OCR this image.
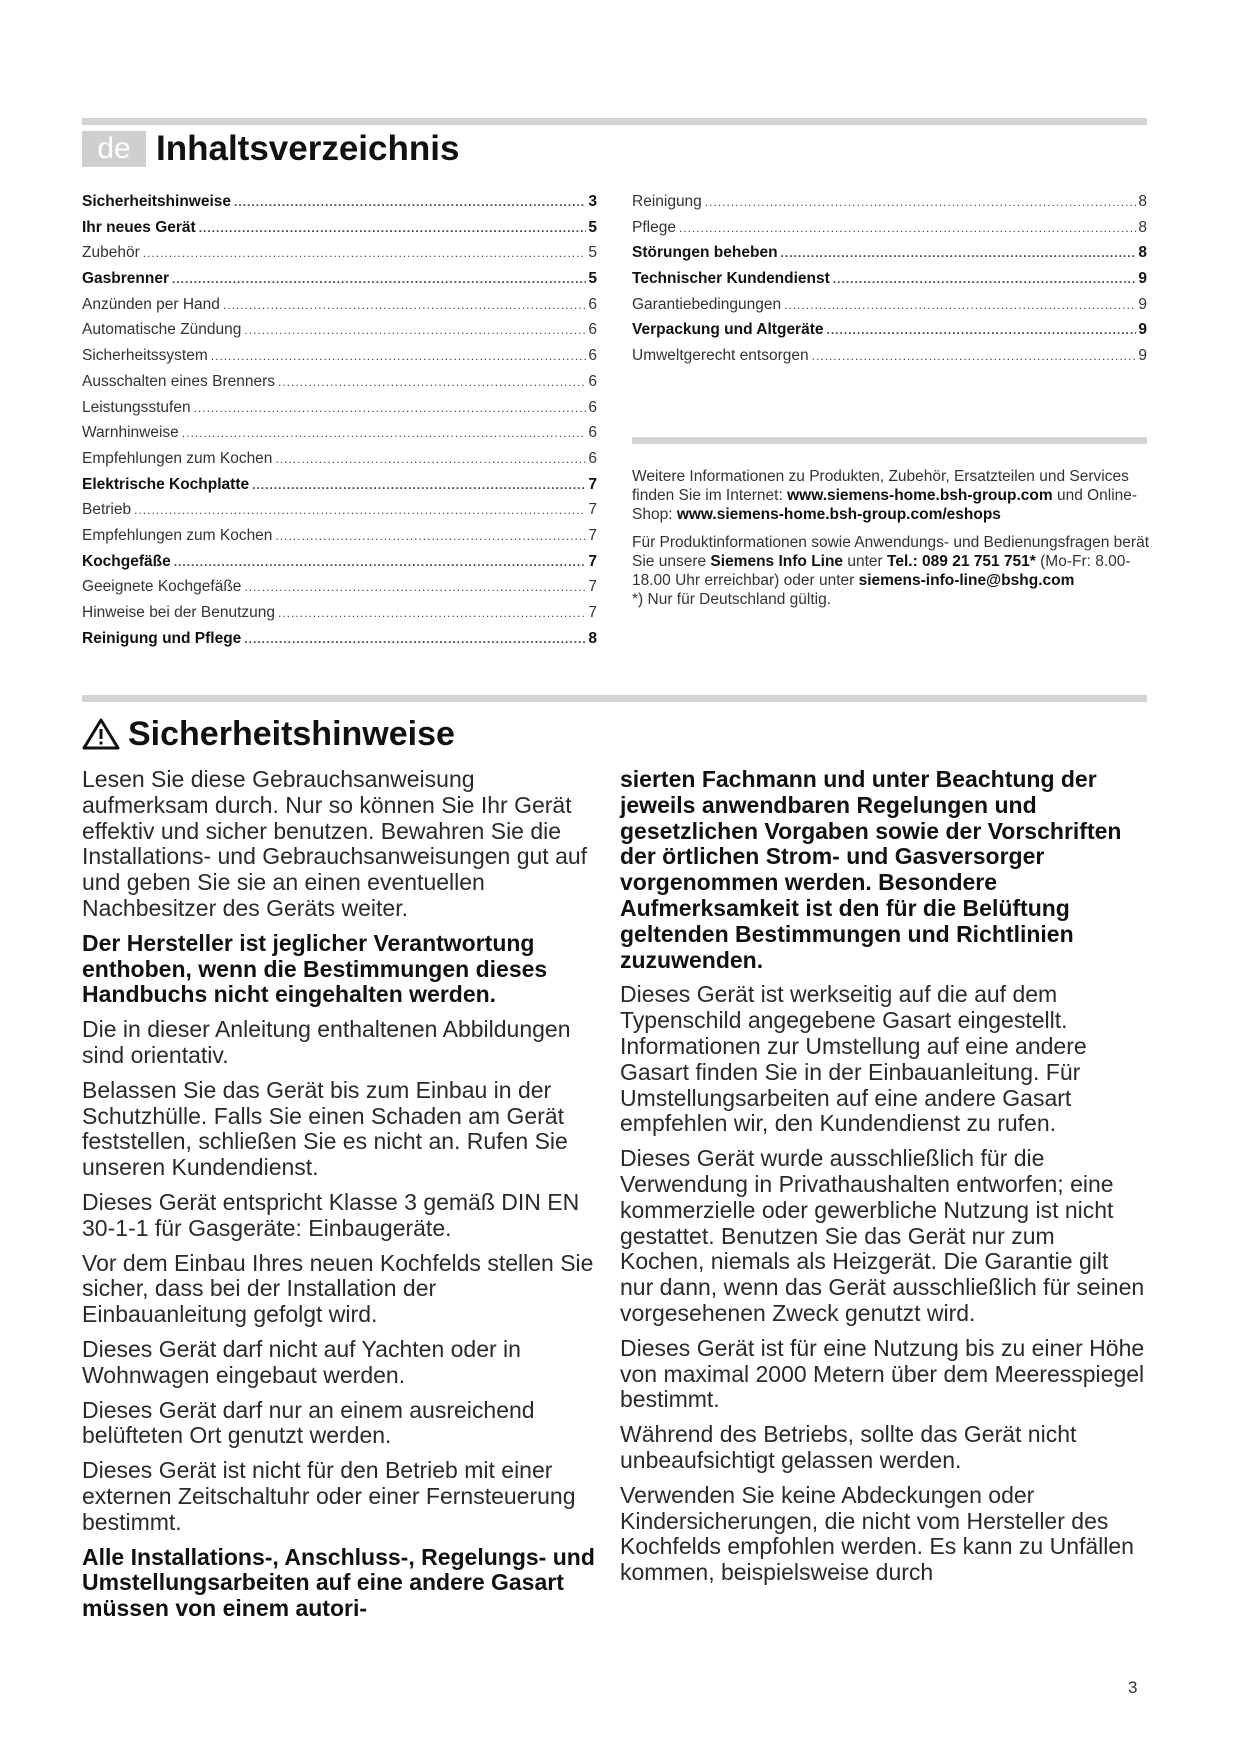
de Inhaltsverzeichnis
Sicherheitshinweise .....	3
Ihr neues Gerät .....	5
Zubehör .....	5
Gasbrenner .....	5
Anzünden per Hand .....	6
Automatische Zündung .....	6
Sicherheitssystem .....	6
Ausschalten eines Brenners .....	6
Leistungsstufen .....	6
Warnhinweise .....	6
Empfehlungen zum Kochen .....	6
Elektrische Kochplatte .....	7
Betrieb .....	7
Empfehlungen zum Kochen .....	7
Kochgefäße .....	7
Geeignete Kochgefäße .....	7
Hinweise bei der Benutzung .....	7
Reinigung und Pflege .....	8
Reinigung .....	8
Pflege .....	8
Störungen beheben .....	8
Technischer Kundendienst .....	9
Garantiebedingungen .....	9
Verpackung und Altgeräte .....	9
Umweltgerecht entsorgen .....	9

Weitere Informationen zu Produkten, Zubehör, Ersatzteilen und Services finden Sie im Internet: www.siemens-home.bsh-group.com und Online-Shop: www.siemens-home.bsh-group.com/eshops

Für Produktinformationen sowie Anwendungs- und Bedienungsfragen berät Sie unsere Siemens Info Line unter Tel.: 089 21 751 751* (Mo-Fr: 8.00-18.00 Uhr erreichbar) oder unter siemens-info-line@bshg.com

*) Nur für Deutschland gültig.

Sicherheitshinweise

Lesen Sie diese Gebrauchsanweisung aufmerksam durch. Nur so können Sie Ihr Gerät effektiv und sicher benutzen. Bewahren Sie die Installations- und Gebrauchsanweisungen gut auf und geben Sie sie an einen eventuellen Nachbesitzer des Geräts weiter.

Der Hersteller ist jeglicher Verantwortung enthoben, wenn die Bestimmungen dieses Handbuchs nicht eingehalten werden.

Die in dieser Anleitung enthaltenen Abbildungen sind orientativ.

Belassen Sie das Gerät bis zum Einbau in der Schutzhülle. Falls Sie einen Schaden am Gerät feststellen, schließen Sie es nicht an. Rufen Sie unseren Kundendienst.

Dieses Gerät entspricht Klasse 3 gemäß DIN EN 30-1-1 für Gasgeräte: Einbaugeräte.

Vor dem Einbau Ihres neuen Kochfelds stellen Sie sicher, dass bei der Installation der Einbauanleitung gefolgt wird.

Dieses Gerät darf nicht auf Yachten oder in Wohnwagen eingebaut werden.

Dieses Gerät darf nur an einem ausreichend belüfteten Ort genutzt werden.

Dieses Gerät ist nicht für den Betrieb mit einer externen Zeitschaltuhr oder einer Fernsteuerung bestimmt.

Alle Installations-, Anschluss-, Regelungs- und Umstellungsarbeiten auf eine andere Gasart müssen von einem autori-

sierten Fachmann und unter Beachtung der jeweils anwendbaren Regelungen und gesetzlichen Vorgaben sowie der Vorschriften der örtlichen Strom- und Gasversorger vorgenommen werden. Besondere Aufmerksamkeit ist den für die Belüftung geltenden Bestimmungen und Richtlinien zuzuwenden.

Dieses Gerät ist werkseitig auf die auf dem Typenschild angegebene Gasart eingestellt. Informationen zur Umstellung auf eine andere Gasart finden Sie in der Einbauanleitung. Für Umstellungsarbeiten auf eine andere Gasart empfehlen wir, den Kundendienst zu rufen.

Dieses Gerät wurde ausschließlich für die Verwendung in Privathaushalten entworfen; eine kommerzielle oder gewerbliche Nutzung ist nicht gestattet. Benutzen Sie das Gerät nur zum Kochen, niemals als Heizgerät. Die Garantie gilt nur dann, wenn das Gerät ausschließlich für seinen vorgesehenen Zweck genutzt wird.

Dieses Gerät ist für eine Nutzung bis zu einer Höhe von maximal 2000 Metern über dem Meeresspiegel bestimmt.

Während des Betriebs, sollte das Gerät nicht unbeaufsichtigt gelassen werden.

Verwenden Sie keine Abdeckungen oder Kindersicherungen, die nicht vom Hersteller des Kochfelds empfohlen werden. Es kann zu Unfällen kommen, beispielsweise durch

3
